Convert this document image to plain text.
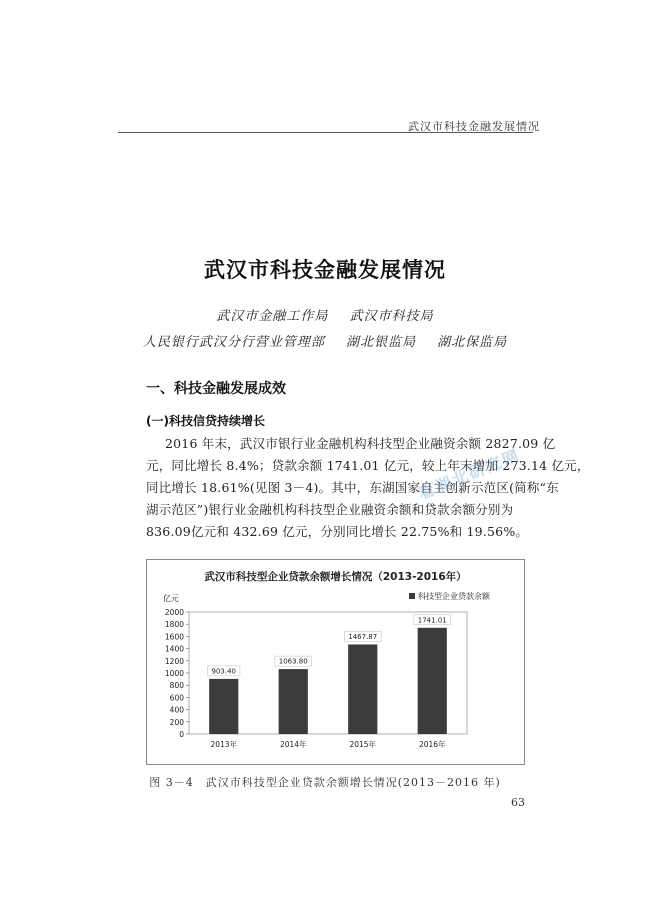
武汉市科技金融发展情况
武汉市科技金融发展情况
武汉市金融工作局 武汉市科技局
人民银行武汉分行营业管理部 湖北银监局 湖北保监局
一、科技金融发展成效
(一)科技信贷持续增长
2016 年末，武汉市银行业金融机构科技型企业融资余额 2827.09 亿
元，同比增长 8.4%；贷款余额 1741.01 亿元，较上年末增加 273.14 亿元，
同比增长 18.61%(见图 3－4)。其中，东湖国家自主创新示范区(简称“东
湖示范区”)银行业金融机构科技型企业融资余额和贷款余额分别为
836.09亿元和 432.69 亿元，分别同比增长 22.75%和 19.56%。
看湖北研究网
武汉市科技型企业贷款余额增长情况（2013-2016年）
亿元	科技型企业贷款余额
0
200
400
600
800
1000
1200
1400
1600
1800
2000
903.40
2013年
1063.80
2014年
1467.87
2015年
1741.01
2016年
图 3－4　武汉市科技型企业贷款余额增长情况(2013－2016 年)
63
